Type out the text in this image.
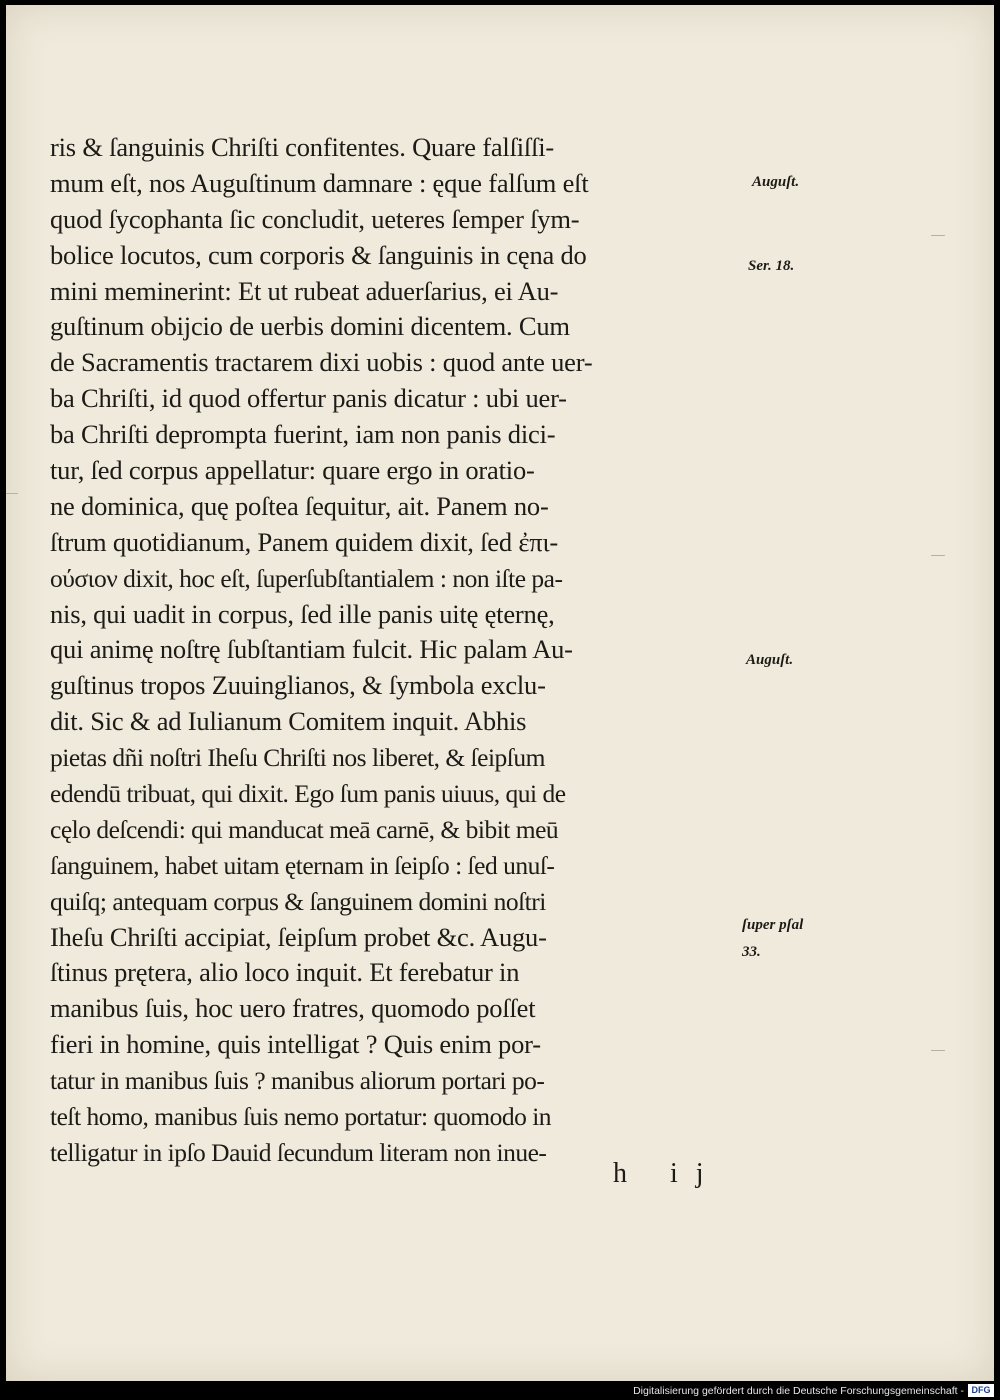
ris & ſanguinis Chriſti confitentes. Quare falſiſſi-
mum eſt, nos Auguſtinum damnare : ęque falſum eſt
quod ſycophanta ſic concludit, ueteres ſemper ſym-
bolice locutos, cum corporis & ſanguinis in cęna do
mini meminerint: Et ut rubeat aduerſarius, ei Au-
guſtinum obijcio de uerbis domini dicentem. Cum
de Sacramentis tractarem dixi uobis : quod ante uer-
ba Chriſti, id quod offertur panis dicatur : ubi uer-
ba Chriſti deprompta fuerint, iam non panis dici-
tur, ſed corpus appellatur: quare ergo in oratio-
ne dominica, quę poſtea ſequitur, ait. Panem no-
ſtrum quotidianum, Panem quidem dixit, ſed ἐπι-
ούσιον dixit, hoc eſt, ſuperſubſtantialem : non iſte pa-
nis, qui uadit in corpus, ſed ille panis uitę ęternę,
qui animę noſtrę ſubſtantiam fulcit. Hic palam Au-
guſtinus tropos Zuuinglianos, & ſymbola exclu-
dit. Sic & ad Iulianum Comitem inquit. Abhis
pietas dñi noſtri Iheſu Chriſti nos liberet, & ſeipſum
edendū tribuat, qui dixit. Ego ſum panis uiuus, qui de
cęlo deſcendi: qui manducat meā carnē, & bibit meū
ſanguinem, habet uitam ęternam in ſeipſo : ſed unuſ-
quiſq; antequam corpus & ſanguinem domini noſtri
Iheſu Chriſti accipiat, ſeipſum probet &c. Augu-
ſtinus prętera, alio loco inquit. Et ferebatur in
manibus ſuis, hoc uero fratres, quomodo poſſet
fieri in homine, quis intelligat ? Quis enim por-
tatur in manibus ſuis ? manibus aliorum portari po-
teſt homo, manibus ſuis nemo portatur: quomodo in
telligatur in ipſo Dauid ſecundum literam non inue-
Auguſt.
Ser. 18.
Auguſt.
ſuper pſal
33.
h ij
Digitalisierung gefördert durch die Deutsche Forschungsgemeinschaft - DFG
